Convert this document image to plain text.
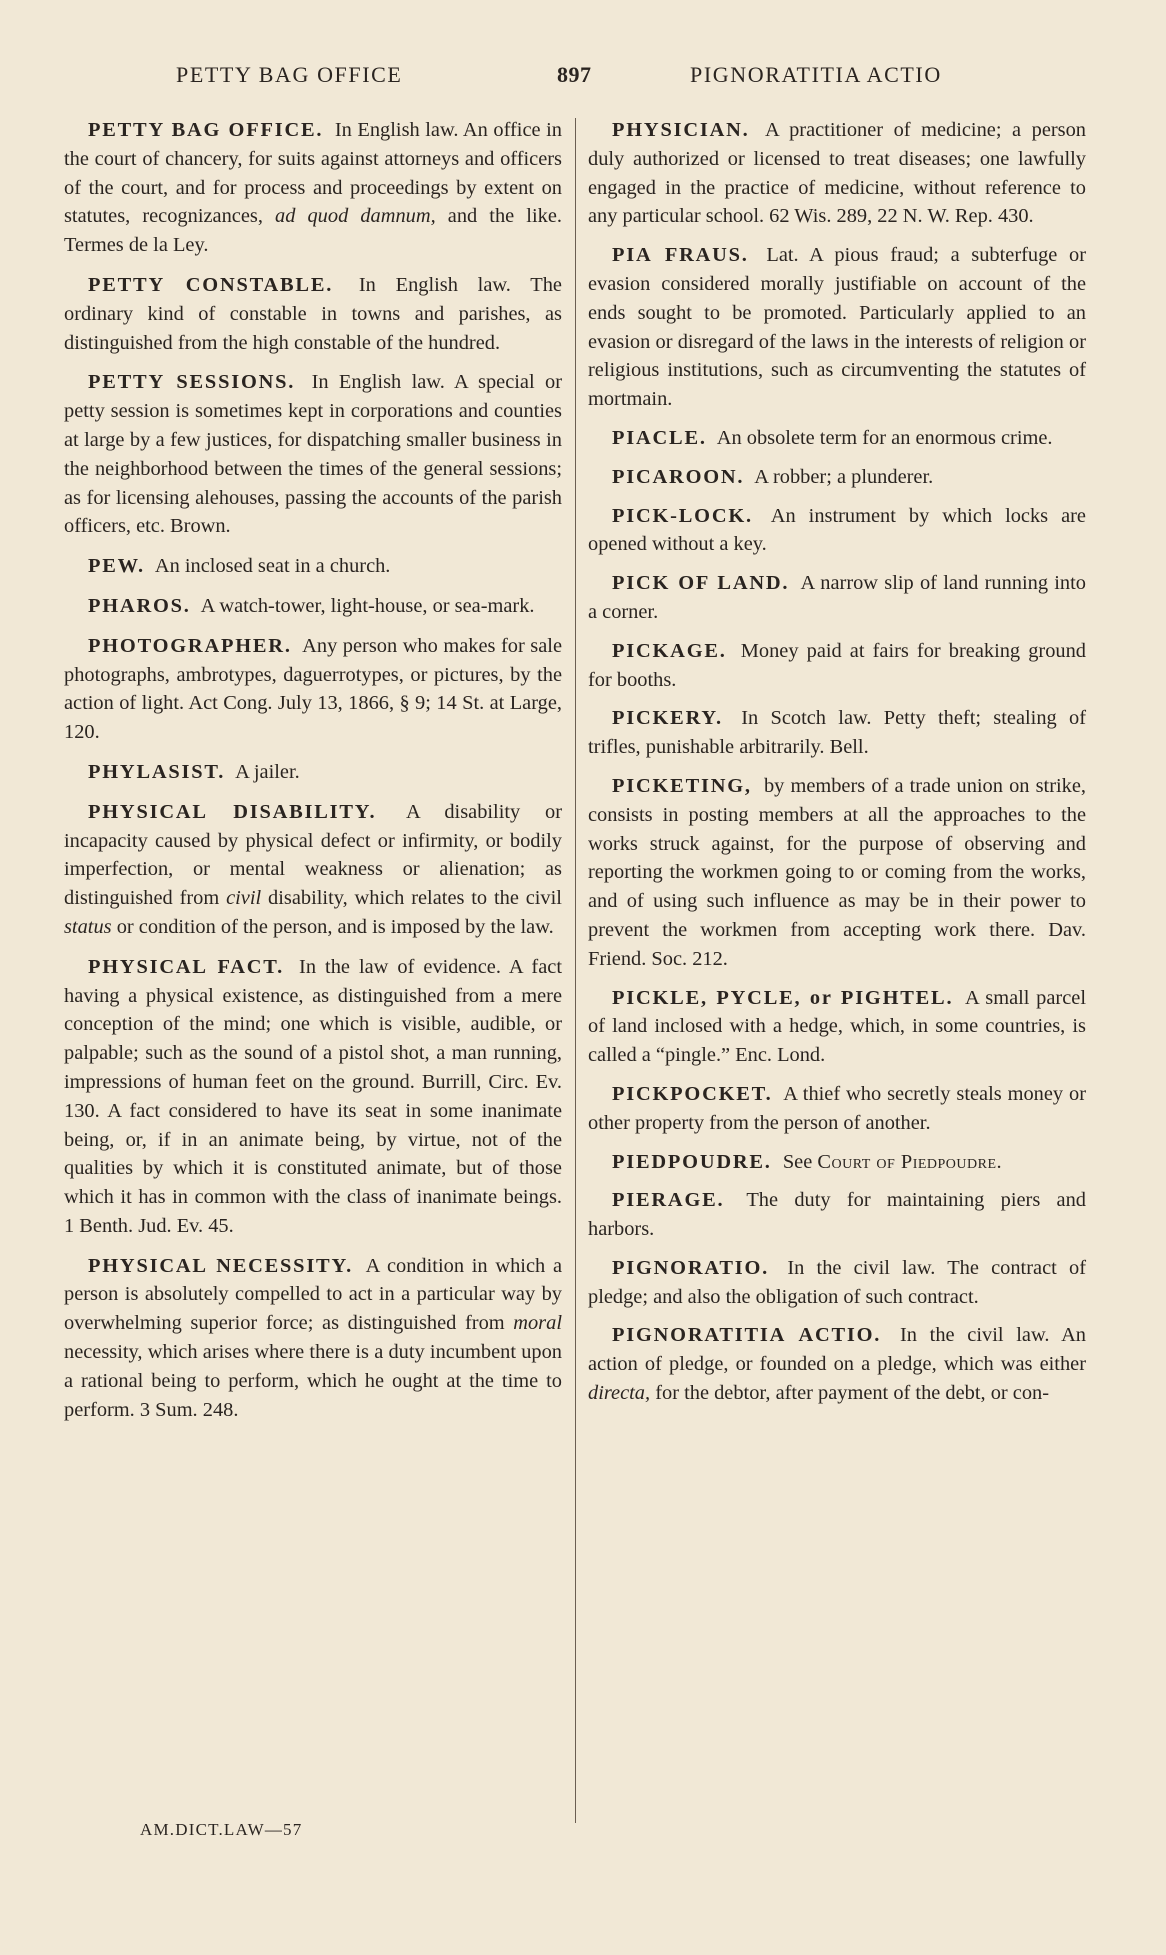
PETTY BAG OFFICE	897	PIGNORATITIA ACTIO

PETTY BAG OFFICE. In English law. An office in the court of chancery, for suits against attorneys and officers of the court, and for process and proceedings by extent on statutes, recognizances, ad quod damnum, and the like. Termes de la Ley.

PETTY CONSTABLE. In English law. The ordinary kind of constable in towns and parishes, as distinguished from the high constable of the hundred.

PETTY SESSIONS. In English law. A special or petty session is sometimes kept in corporations and counties at large by a few justices, for dispatching smaller business in the neighborhood between the times of the general sessions; as for licensing alehouses, passing the accounts of the parish officers, etc. Brown.

PEW. An inclosed seat in a church.

PHAROS. A watch-tower, light-house, or sea-mark.

PHOTOGRAPHER. Any person who makes for sale photographs, ambrotypes, daguerrotypes, or pictures, by the action of light. Act Cong. July 13, 1866, § 9; 14 St. at Large, 120.

PHYLASIST. A jailer.

PHYSICAL DISABILITY. A disability or incapacity caused by physical defect or infirmity, or bodily imperfection, or mental weakness or alienation; as distinguished from civil disability, which relates to the civil status or condition of the person, and is imposed by the law.

PHYSICAL FACT. In the law of evidence. A fact having a physical existence, as distinguished from a mere conception of the mind; one which is visible, audible, or palpable; such as the sound of a pistol shot, a man running, impressions of human feet on the ground. Burrill, Circ. Ev. 130. A fact considered to have its seat in some inanimate being, or, if in an animate being, by virtue, not of the qualities by which it is constituted animate, but of those which it has in common with the class of inanimate beings. 1 Benth. Jud. Ev. 45.

PHYSICAL NECESSITY. A condition in which a person is absolutely compelled to act in a particular way by overwhelming superior force; as distinguished from moral necessity, which arises where there is a duty incumbent upon a rational being to perform, which he ought at the time to perform. 3 Sum. 248.

PHYSICIAN. A practitioner of medicine; a person duly authorized or licensed to treat diseases; one lawfully engaged in the practice of medicine, without reference to any particular school. 62 Wis. 289, 22 N. W. Rep. 430.

PIA FRAUS. Lat. A pious fraud; a subterfuge or evasion considered morally justifiable on account of the ends sought to be promoted. Particularly applied to an evasion or disregard of the laws in the interests of religion or religious institutions, such as circumventing the statutes of mortmain.

PIACLE. An obsolete term for an enormous crime.

PICAROON. A robber; a plunderer.

PICK-LOCK. An instrument by which locks are opened without a key.

PICK OF LAND. A narrow slip of land running into a corner.

PICKAGE. Money paid at fairs for breaking ground for booths.

PICKERY. In Scotch law. Petty theft; stealing of trifles, punishable arbitrarily. Bell.

PICKETING, by members of a trade union on strike, consists in posting members at all the approaches to the works struck against, for the purpose of observing and reporting the workmen going to or coming from the works, and of using such influence as may be in their power to prevent the workmen from accepting work there. Dav. Friend. Soc. 212.

PICKLE, PYCLE, or PIGHTEL. A small parcel of land inclosed with a hedge, which, in some countries, is called a “pingle.” Enc. Lond.

PICKPOCKET. A thief who secretly steals money or other property from the person of another.

PIEDPOUDRE. See Court of Piedpoudre.

PIERAGE. The duty for maintaining piers and harbors.

PIGNORATIO. In the civil law. The contract of pledge; and also the obligation of such contract.

PIGNORATITIA ACTIO. In the civil law. An action of pledge, or founded on a pledge, which was either directa, for the debtor, after payment of the debt, or con-

AM.DICT.LAW—57
